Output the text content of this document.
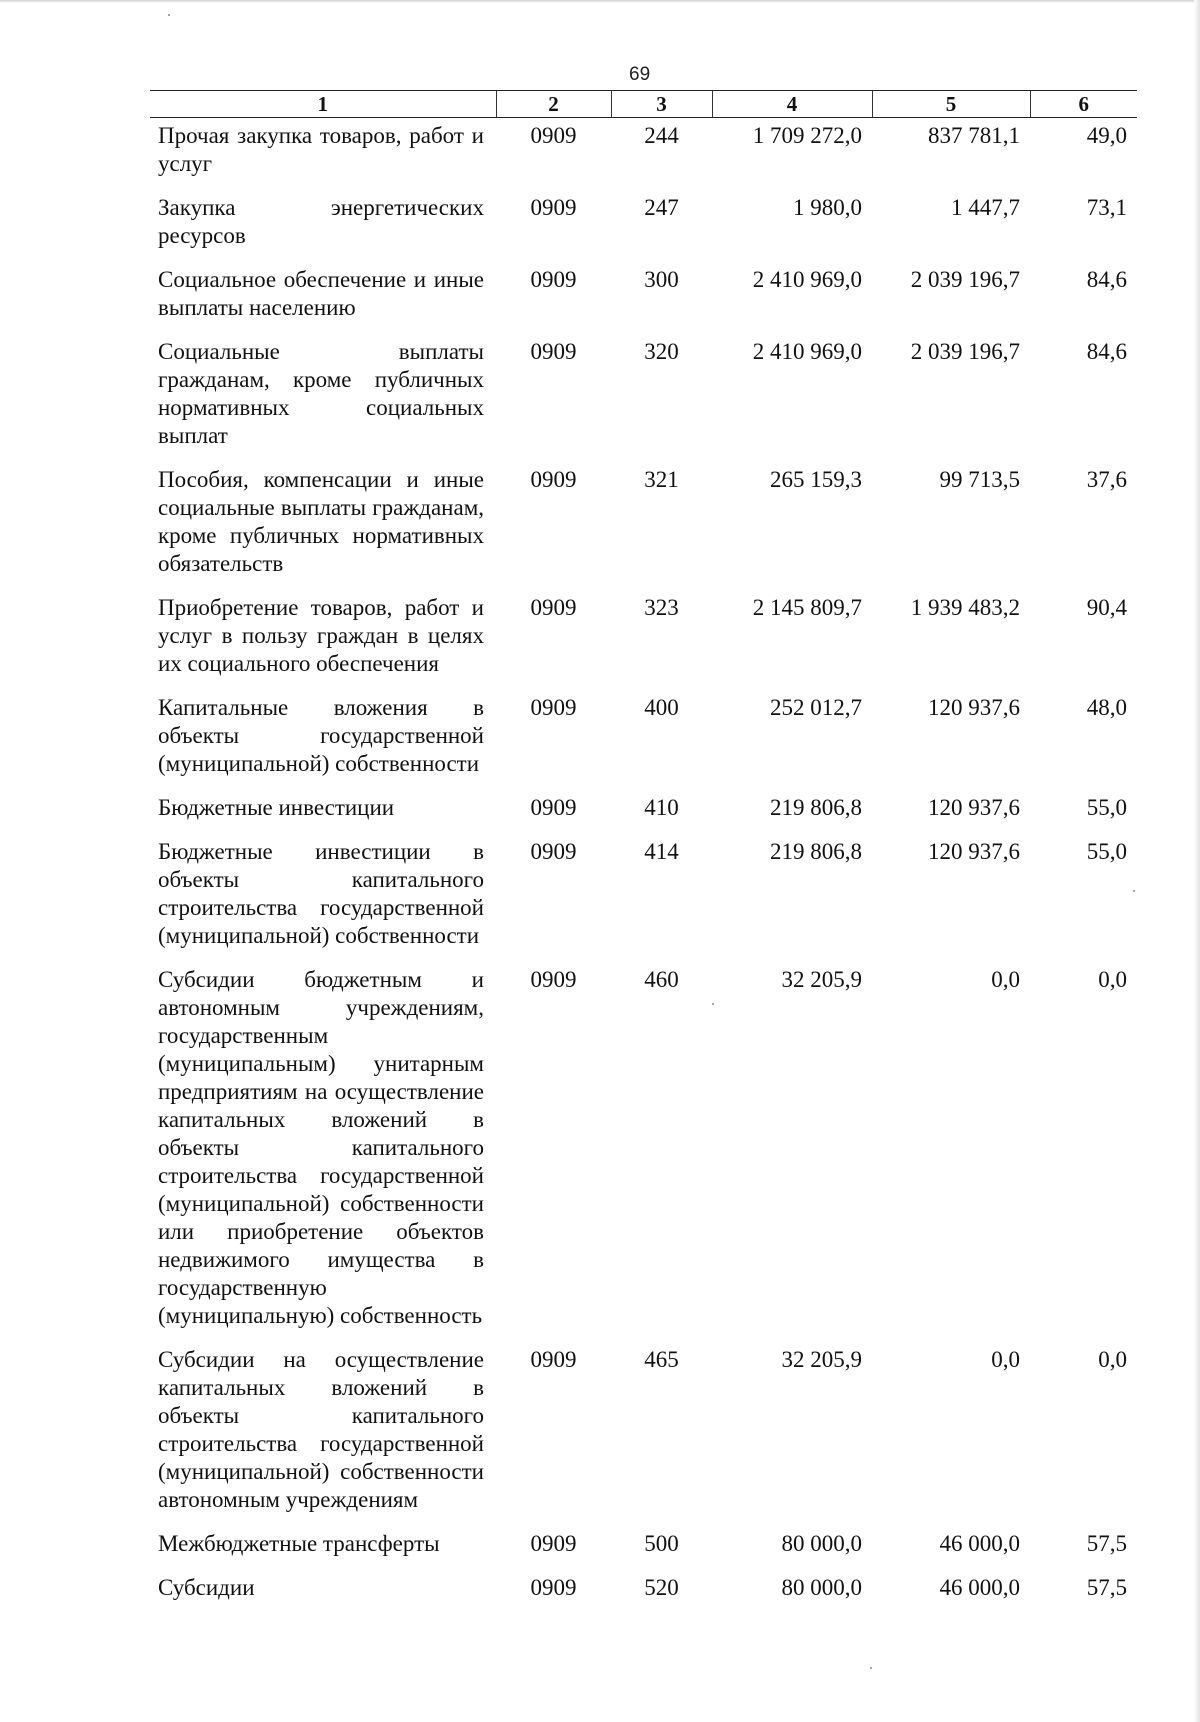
69
1	2	3	4	5	6
Прочая закупка товаров, работ и услуг	0909	244	1 709 272,0	837 781,1	49,0

Закупка энергетических ресурсов	0909	247	1 980,0	1 447,7	73,1

Социальное обеспечение и иные выплаты населению	0909	300	2 410 969,0	2 039 196,7	84,6

Социальные выплаты гражданам, кроме публичных нормативных социальных выплат	0909	320	2 410 969,0	2 039 196,7	84,6

Пособия, компенсации и иные социальные выплаты гражданам, кроме публичных нормативных обязательств	0909	321	265 159,3	99 713,5	37,6

Приобретение товаров, работ и услуг в пользу граждан в целях их социального обеспечения	0909	323	2 145 809,7	1 939 483,2	90,4

Капитальные вложения в объекты государственной (муниципальной) собственности	0909	400	252 012,7	120 937,6	48,0

Бюджетные инвестиции	0909	410	219 806,8	120 937,6	55,0

Бюджетные инвестиции в объекты капитального строительства государственной (муниципальной) собственности	0909	414	219 806,8	120 937,6	55,0

Субсидии бюджетным и автономным учреждениям, государственным (муниципальным) унитарным предприятиям на осуществление капитальных вложений в объекты капитального строительства государственной (муниципальной) собственности или приобретение объектов недвижимого имущества в государственную (муниципальную) собственность	0909	460	32 205,9	0,0	0,0

Субсидии на осуществление капитальных вложений в объекты капитального строительства государственной (муниципальной) собственности автономным учреждениям	0909	465	32 205,9	0,0	0,0

Межбюджетные трансферты	0909	500	80 000,0	46 000,0	57,5

Субсидии	0909	520	80 000,0	46 000,0	57,5
